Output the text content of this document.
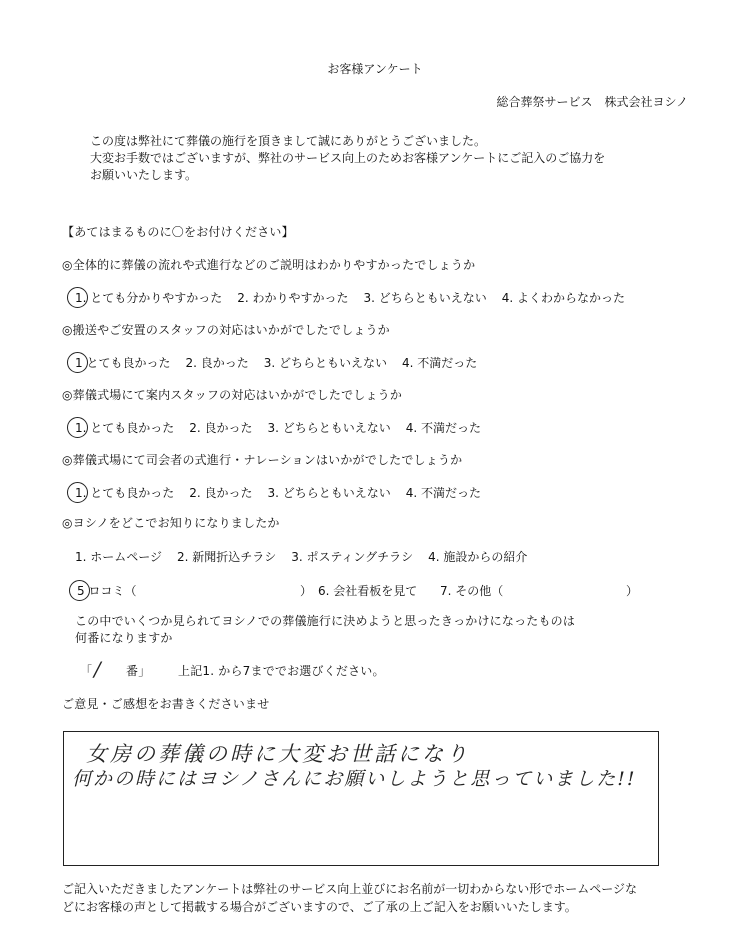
お客様アンケート
総合葬祭サービス　株式会社ヨシノ
この度は弊社にて葬儀の施行を頂きまして誠にありがとうございました。
大変お手数ではございますが、弊社のサービス向上のためお客様アンケートにご記入のご協力を
お願いいたします。
【あてはまるものに〇をお付けください】
◎全体的に葬儀の流れや式進行などのご説明はわかりやすかったでしょうか
1. とても分かりやすかった 2. わかりやすかった 3. どちらともいえない 4. よくわからなかった
◎搬送やご安置のスタッフの対応はいかがでしたでしょうか
1 とても良かった 2. 良かった 3. どちらともいえない 4. 不満だった
◎葬儀式場にて案内スタッフの対応はいかがでしたでしょうか
1. とても良かった 2. 良かった 3. どちらともいえない 4. 不満だった
◎葬儀式場にて司会者の式進行・ナレーションはいかがでしたでしょうか
1. とても良かった 2. 良かった 3. どちらともいえない 4. 不満だった
◎ヨシノをどこでお知りになりましたか
1. ホームページ 2. 新聞折込チラシ 3. ポスティングチラシ 4. 施設からの紹介
5 ロコミ（	） 6. 会社看板を見て 7. その他（	）
この中でいくつか見られてヨシノでの葬儀施行に決めようと思ったきっかけになったものは
何番になりますか
「 / 番」 上記1. から7まででお選びください。
ご意見・ご感想をお書きくださいませ
女房の葬儀の時に大変お世話になり
何かの時にはヨシノさんにお願いしようと思っていました!!
ご記入いただきましたアンケートは弊社のサービス向上並びにお名前が一切わからない形でホームページな
どにお客様の声として掲載する場合がございますので、ご了承の上ご記入をお願いいたします。
